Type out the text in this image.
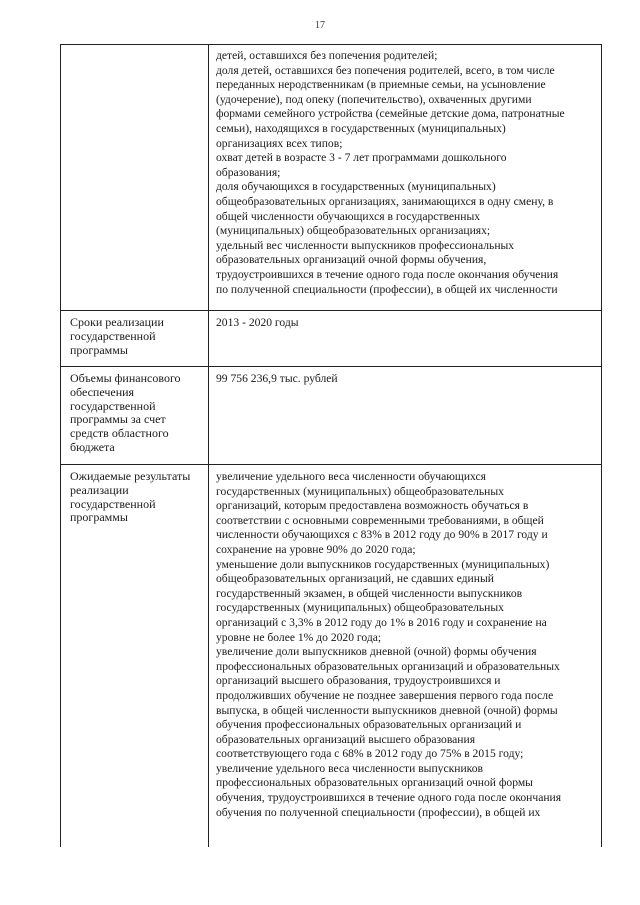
17
детей, оставшихся без попечения родителей;
доля детей, оставшихся без попечения родителей, всего, в том числе
переданных неродственникам (в приемные семьи, на усыновление
(удочерение), под опеку (попечительство), охваченных другими
формами семейного устройства (семейные детские дома, патронатные
семьи), находящихся в государственных (муниципальных)
организациях всех типов;
охват детей в возрасте 3 - 7 лет программами дошкольного
образования;
доля обучающихся в государственных (муниципальных)
общеобразовательных организациях, занимающихся в одну смену, в
общей численности обучающихся в государственных
(муниципальных) общеобразовательных организациях;
удельный вес численности выпускников профессиональных
образовательных организаций очной формы обучения,
трудоустроившихся в течение одного года после окончания обучения
по полученной специальности (профессии), в общей их численности
Сроки реализации
государственной
программы
2013 - 2020 годы
Объемы финансового
обеспечения
государственной
программы за счет
средств областного
бюджета
99 756 236,9 тыс. рублей
Ожидаемые результаты
реализации
государственной
программы
увеличение удельного веса численности обучающихся
государственных (муниципальных) общеобразовательных
организаций, которым предоставлена возможность обучаться в
соответствии с основными современными требованиями, в общей
численности обучающихся с 83% в 2012 году до 90% в 2017 году и
сохранение на уровне 90% до 2020 года;
уменьшение доли выпускников государственных (муниципальных)
общеобразовательных организаций, не сдавших единый
государственный экзамен, в общей численности выпускников
государственных (муниципальных) общеобразовательных
организаций с 3,3% в 2012 году до 1% в 2016 году и сохранение на
уровне не более 1% до 2020 года;
увеличение доли выпускников дневной (очной) формы обучения
профессиональных образовательных организаций и образовательных
организаций высшего образования, трудоустроившихся и
продолживших обучение не позднее завершения первого года после
выпуска, в общей численности выпускников дневной (очной) формы
обучения профессиональных образовательных организаций и
образовательных организаций высшего образования
соответствующего года с 68% в 2012 году до 75% в 2015 году;
увеличение удельного веса численности выпускников
профессиональных образовательных организаций очной формы
обучения, трудоустроившихся в течение одного года после окончания
обучения по полученной специальности (профессии), в общей их
